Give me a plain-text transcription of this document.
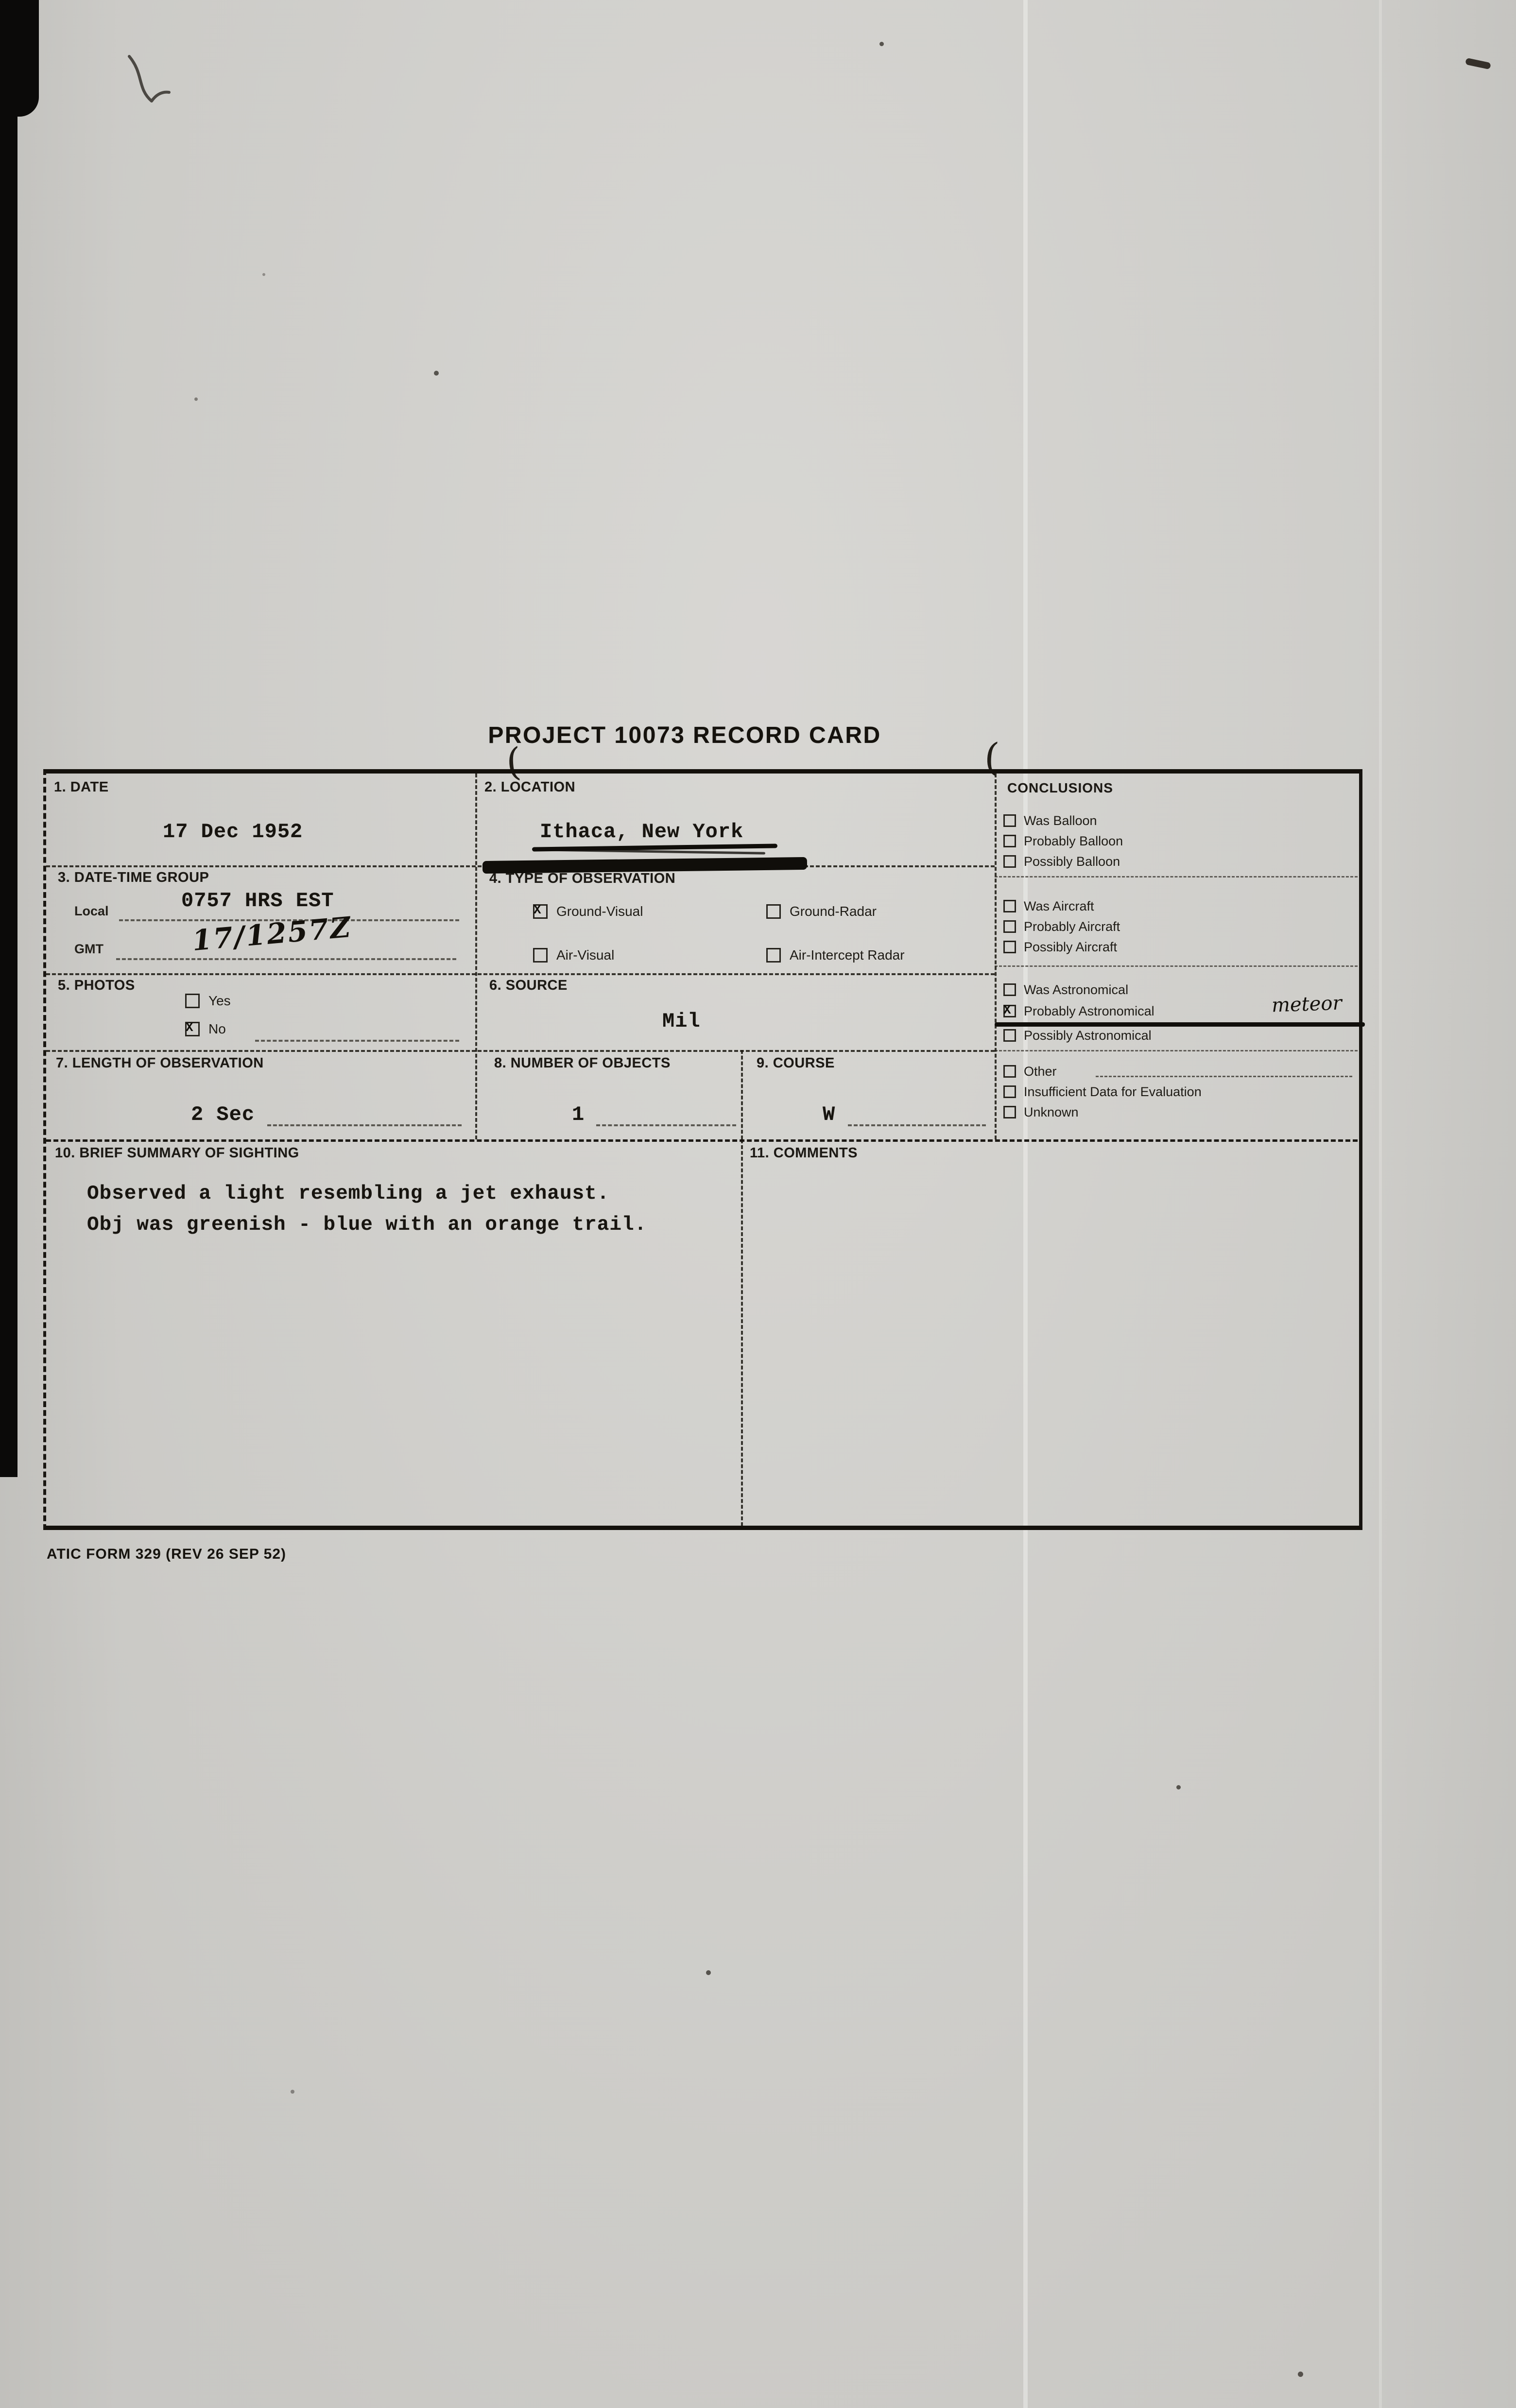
PROJECT 10073 RECORD CARD
(	(
1. DATE
17 Dec 1952
2. LOCATION
Ithaca, New York
3. DATE-TIME GROUP
Local	0757 HRS EST
GMT	17/1257Z
4. TYPE OF OBSERVATION
X Ground-Visual	Ground-Radar
Air-Visual	Air-Intercept Radar
5. PHOTOS
Yes
X No
6. SOURCE
Mil
7. LENGTH OF OBSERVATION
2 Sec
8. NUMBER OF OBJECTS
1
9. COURSE
W
10. BRIEF SUMMARY OF SIGHTING
Observed a light resembling a jet exhaust.
Obj was greenish - blue with an orange trail.
11. COMMENTS
CONCLUSIONS
Was Balloon
Probably Balloon
Possibly Balloon
Was Aircraft
Probably Aircraft
Possibly Aircraft
Was Astronomical
X Probably Astronomical	meteor
Possibly Astronomical
Other
Insufficient Data for Evaluation
Unknown
ATIC FORM 329 (REV 26 SEP 52)
